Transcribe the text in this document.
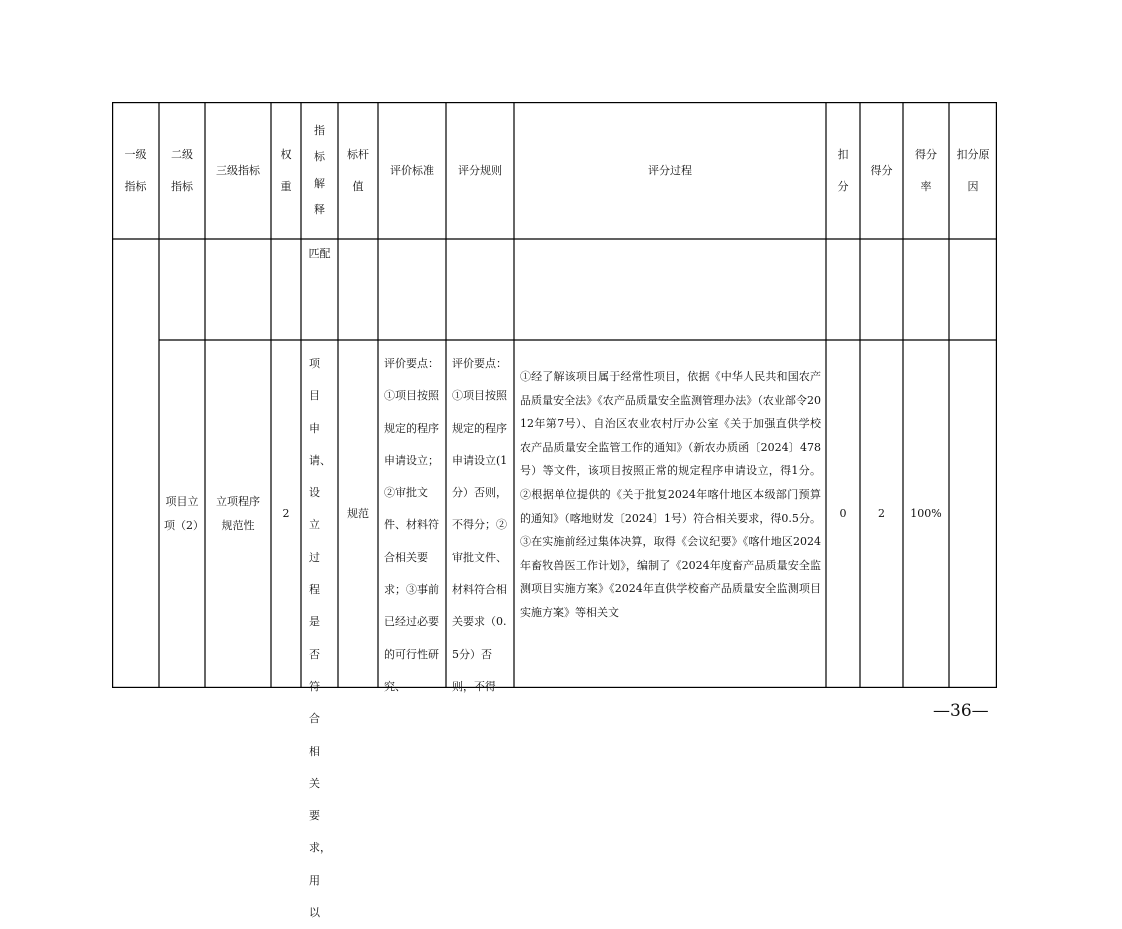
一级指标
二级指标
三级指标
权重
指标解释
标杆值
评价标准 评分规则	评分过程
扣分
得分
得分率
扣分原因
匹配
项目立项（2）
立项程序规范性
2
项目申请、设立过程是否符合相关要求，用以
规范
评价要点：①项目按照规定的程序申请设立；②审批文件、材料符合相关要求；③事前已经过必要的可行性研究、
评价要点：①项目按照规定的程序申请设立(1分）否则，不得分；②审批文件、材料符合相关要求（0.5分）否则，不得
①经了解该项目属于经常性项目，依据《中华人民共和国农产品质量安全法》《农产品质量安全监测管理办法》（农业部令2012年第7号）、自治区农业农村厅办公室《关于加强直供学校农产品质量安全监管工作的通知》（新农办质函〔2024〕478号）等文件，该项目按照正常的规定程序申请设立，得1分。②根据单位提供的《关于批复2024年喀什地区本级部门预算的通知》（喀地财发〔2024〕1号）符合相关要求，得0.5分。③在实施前经过集体决算，取得《会议纪要》《喀什地区2024年畜牧兽医工作计划》，编制了《2024年度畜产品质量安全监测项目实施方案》《2024年直供学校畜产品质量安全监测项目实施方案》等相关文
0	2 100%
—36—
